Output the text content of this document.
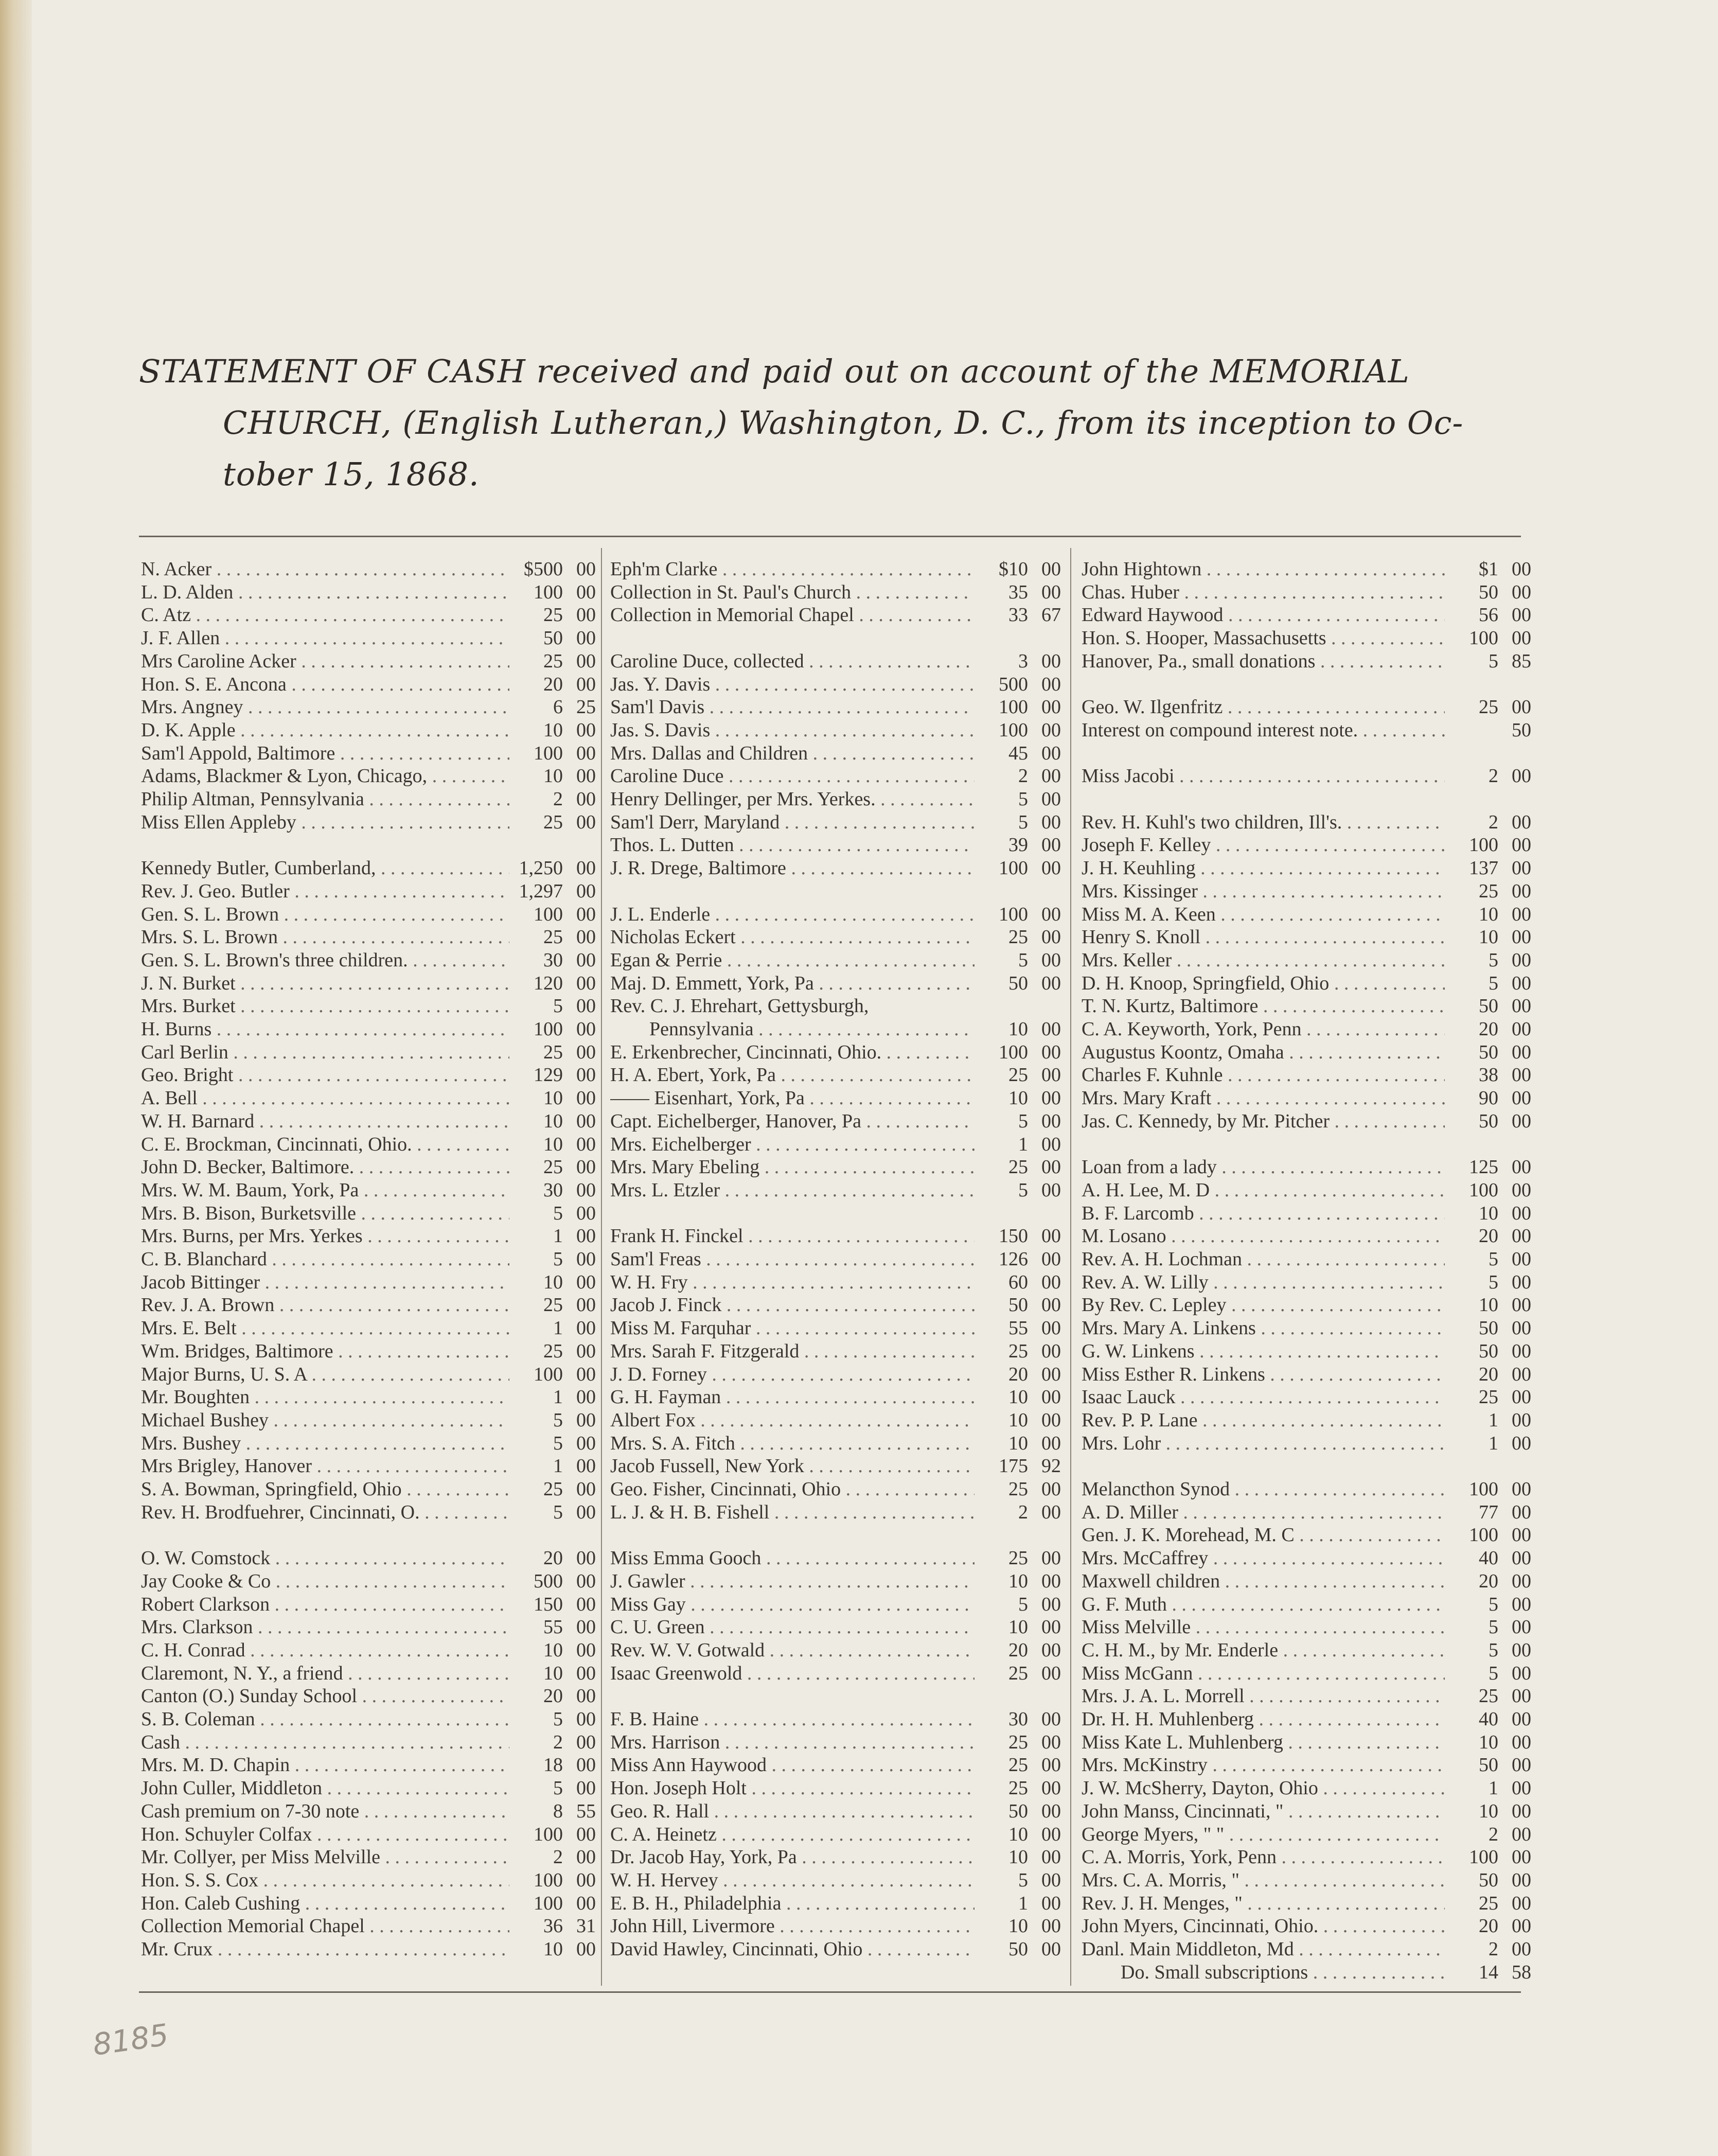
STATEMENT OF CASH received and paid out on account of the MEMORIAL
CHURCH, (English Lutheran,) Washington, D. C., from its inception to Oc-
tober 15, 1868.
N. Acker . . .	$500 00
L. D. Alden . . .	100 00
C. Atz . . .	25 00
J. F. Allen . . .	50 00
Mrs Caroline Acker . . .	25 00
Hon. S. E. Ancona . . .	20 00
Mrs. Angney . . .	6 25
D. K. Apple . . .	10 00
Sam'l Appold, Baltimore . . .	100 00
Adams, Blackmer & Lyon, Chicago, . . .	10 00
Philip Altman, Pennsylvania . . .	2 00
Miss Ellen Appleby . . .	25 00
Kennedy Butler, Cumberland, . . .	1,250 00
Rev. J. Geo. Butler . . .	1,297 00
Gen. S. L. Brown . . .	100 00
Mrs. S. L. Brown . . .	25 00
Gen. S. L. Brown's three children. . . .	30 00
J. N. Burket . . .	120 00
Mrs. Burket . . .	5 00
H. Burns . . .	100 00
Carl Berlin . . .	25 00
Geo. Bright . . .	129 00
A. Bell . . .	10 00
W. H. Barnard . . .	10 00
C. E. Brockman, Cincinnati, Ohio. . . .	10 00
John D. Becker, Baltimore. . . .	25 00
Mrs. W. M. Baum, York, Pa . . .	30 00
Mrs. B. Bison, Burketsville . . .	5 00
Mrs. Burns, per Mrs. Yerkes . . .	1 00
C. B. Blanchard . . .	5 00
Jacob Bittinger . . .	10 00
Rev. J. A. Brown . . .	25 00
Mrs. E. Belt . . .	1 00
Wm. Bridges, Baltimore . . .	25 00
Major Burns, U. S. A . . .	100 00
Mr. Boughten . . .	1 00
Michael Bushey . . .	5 00
Mrs. Bushey . . .	5 00
Mrs Brigley, Hanover . . .	1 00
S. A. Bowman, Springfield, Ohio . . .	25 00
Rev. H. Brodfuehrer, Cincinnati, O. . . .	5 00
O. W. Comstock . . .	20 00
Jay Cooke & Co . . .	500 00
Robert Clarkson . . .	150 00
Mrs. Clarkson . . .	55 00
C. H. Conrad . . .	10 00
Claremont, N. Y., a friend . . .	10 00
Canton (O.) Sunday School . . .	20 00
S. B. Coleman . . .	5 00
Cash . . .	2 00
Mrs. M. D. Chapin . . .	18 00
John Culler, Middleton . . .	5 00
Cash premium on 7-30 note . . .	8 55
Hon. Schuyler Colfax . . .	100 00
Mr. Collyer, per Miss Melville . . .	2 00
Hon. S. S. Cox . . .	100 00
Hon. Caleb Cushing . . .	100 00
Collection Memorial Chapel . . .	36 31
Mr. Crux . . .	10 00
Eph'm Clarke . . .	$10 00
Collection in St. Paul's Church . . .	35 00
Collection in Memorial Chapel . . .	33 67
Caroline Duce, collected . . .	3 00
Jas. Y. Davis . . .	500 00
Sam'l Davis . . .	100 00
Jas. S. Davis . . .	100 00
Mrs. Dallas and Children . . .	45 00
Caroline Duce . . .	2 00
Henry Dellinger, per Mrs. Yerkes. . . .	5 00
Sam'l Derr, Maryland . . .	5 00
Thos. L. Dutten . . .	39 00
J. R. Drege, Baltimore . . .	100 00
J. L. Enderle . . .	100 00
Nicholas Eckert . . .	25 00
Egan & Perrie . . .	5 00
Maj. D. Emmett, York, Pa . . .	50 00
Rev. C. J. Ehrehart, Gettysburgh,
  Pennsylvania . . .	10 00
E. Erkenbrecher, Cincinnati, Ohio. . . .	100 00
H. A. Ebert, York, Pa . . .	25 00
—— Eisenhart, York, Pa . . .	10 00
Capt. Eichelberger, Hanover, Pa . . .	5 00
Mrs. Eichelberger . . .	1 00
Mrs. Mary Ebeling . . .	25 00
Mrs. L. Etzler . . .	5 00
Frank H. Finckel . . .	150 00
Sam'l Freas . . .	126 00
W. H. Fry . . .	60 00
Jacob J. Finck . . .	50 00
Miss M. Farquhar . . .	55 00
Mrs. Sarah F. Fitzgerald . . .	25 00
J. D. Forney . . .	20 00
G. H. Fayman . . .	10 00
Albert Fox . . .	10 00
Mrs. S. A. Fitch . . .	10 00
Jacob Fussell, New York . . .	175 92
Geo. Fisher, Cincinnati, Ohio . . .	25 00
L. J. & H. B. Fishell . . .	2 00
Miss Emma Gooch . . .	25 00
J. Gawler . . .	10 00
Miss Gay . . .	5 00
C. U. Green . . .	10 00
Rev. W. V. Gotwald . . .	20 00
Isaac Greenwold . . .	25 00
F. B. Haine . . .	30 00
Mrs. Harrison . . .	25 00
Miss Ann Haywood . . .	25 00
Hon. Joseph Holt . . .	25 00
Geo. R. Hall . . .	50 00
C. A. Heinetz . . .	10 00
Dr. Jacob Hay, York, Pa . . .	10 00
W. H. Hervey . . .	5 00
E. B. H., Philadelphia . . .	1 00
John Hill, Livermore . . .	10 00
David Hawley, Cincinnati, Ohio . . .	50 00
John Hightown . . .	$1 00
Chas. Huber . . .	50 00
Edward Haywood . . .	56 00
Hon. S. Hooper, Massachusetts . . .	100 00
Hanover, Pa., small donations . . .	5 85
Geo. W. Ilgenfritz . . .	25 00
Interest on compound interest note. . . .	50
Miss Jacobi . . .	2 00
Rev. H. Kuhl's two children, Ill's. . . .	2 00
Joseph F. Kelley . . .	100 00
J. H. Keuhling . . .	137 00
Mrs. Kissinger . . .	25 00
Miss M. A. Keen . . .	10 00
Henry S. Knoll . . .	10 00
Mrs. Keller . . .	5 00
D. H. Knoop, Springfield, Ohio . . .	5 00
T. N. Kurtz, Baltimore . . .	50 00
C. A. Keyworth, York, Penn . . .	20 00
Augustus Koontz, Omaha . . .	50 00
Charles F. Kuhnle . . .	38 00
Mrs. Mary Kraft . . .	90 00
Jas. C. Kennedy, by Mr. Pitcher . . .	50 00
Loan from a lady . . .	125 00
A. H. Lee, M. D . . .	100 00
B. F. Larcomb . . .	10 00
M. Losano . . .	20 00
Rev. A. H. Lochman . . .	5 00
Rev. A. W. Lilly . . .	5 00
By Rev. C. Lepley . . .	10 00
Mrs. Mary A. Linkens . . .	50 00
G. W. Linkens . . .	50 00
Miss Esther R. Linkens . . .	20 00
Isaac Lauck . . .	25 00
Rev. P. P. Lane . . .	1 00
Mrs. Lohr . . .	1 00
Melancthon Synod . . .	100 00
A. D. Miller . . .	77 00
Gen. J. K. Morehead, M. C . . .	100 00
Mrs. McCaffrey . . .	40 00
Maxwell children . . .	20 00
G. F. Muth . . .	5 00
Miss Melville . . .	5 00
C. H. M., by Mr. Enderle . . .	5 00
Miss McGann . . .	5 00
Mrs. J. A. L. Morrell . . .	25 00
Dr. H. H. Muhlenberg . . .	40 00
Miss Kate L. Muhlenberg . . .	10 00
Mrs. McKinstry . . .	50 00
J. W. McSherry, Dayton, Ohio . . .	1 00
John Manss, Cincinnati, " . . .	10 00
George Myers, " " . . .	2 00
C. A. Morris, York, Penn . . .	100 00
Mrs. C. A. Morris, " . . .	50 00
Rev. J. H. Menges, " . . .	25 00
John Myers, Cincinnati, Ohio. . . .	20 00
Danl. Main Middleton, Md . . .	2 00
  Do. Small subscriptions . . .	14 58
8185
